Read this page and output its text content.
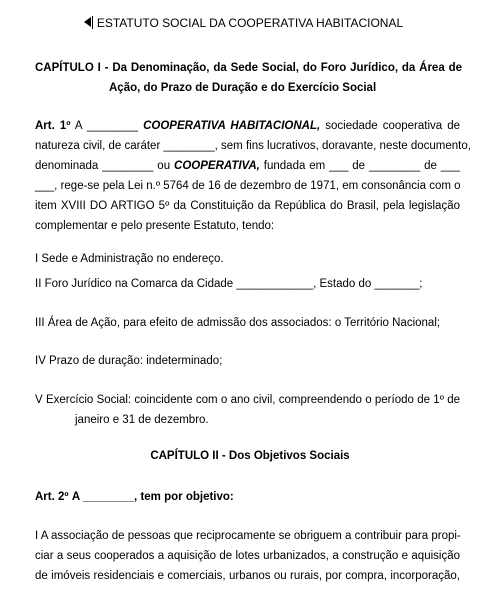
ESTATUTO SOCIAL DA COOPERATIVA HABITACIONAL
CAPÍTULO I - Da Denominação, da Sede Social, do Foro Jurídico, da Área de
Ação, do Prazo de Duração e do Exercício Social
Art. 1º A ________ COOPERATIVA HABITACIONAL, sociedade cooperativa de
natureza civil, de caráter ________, sem fins lucrativos, doravante, neste documento,
denominada ________ ou COOPERATIVA, fundada em ___ de ________ de ___
___, rege-se pela Lei n.º 5764 de 16 de dezembro de 1971, em consonância com o
item XVIII DO ARTIGO 5º da Constituição da República do Brasil, pela legislação
complementar e pelo presente Estatuto, tendo:
I Sede e Administração no endereço.
II Foro Jurídico na Comarca da Cidade ____________, Estado do _______;
III Área de Ação, para efeito de admissão dos associados: o Território Nacional;
IV Prazo de duração: indeterminado;
V Exercício Social: coincidente com o ano civil, compreendendo o período de 1º de
janeiro e 31 de dezembro.
CAPÍTULO II - Dos Objetivos Sociais
Art. 2º A ________, tem por objetivo:
I A associação de pessoas que reciprocamente se obriguem a contribuir para propi-
ciar a seus cooperados a aquisição de lotes urbanizados, a construção e aquisição
de imóveis residenciais e comerciais, urbanos ou rurais, por compra, incorporação,
